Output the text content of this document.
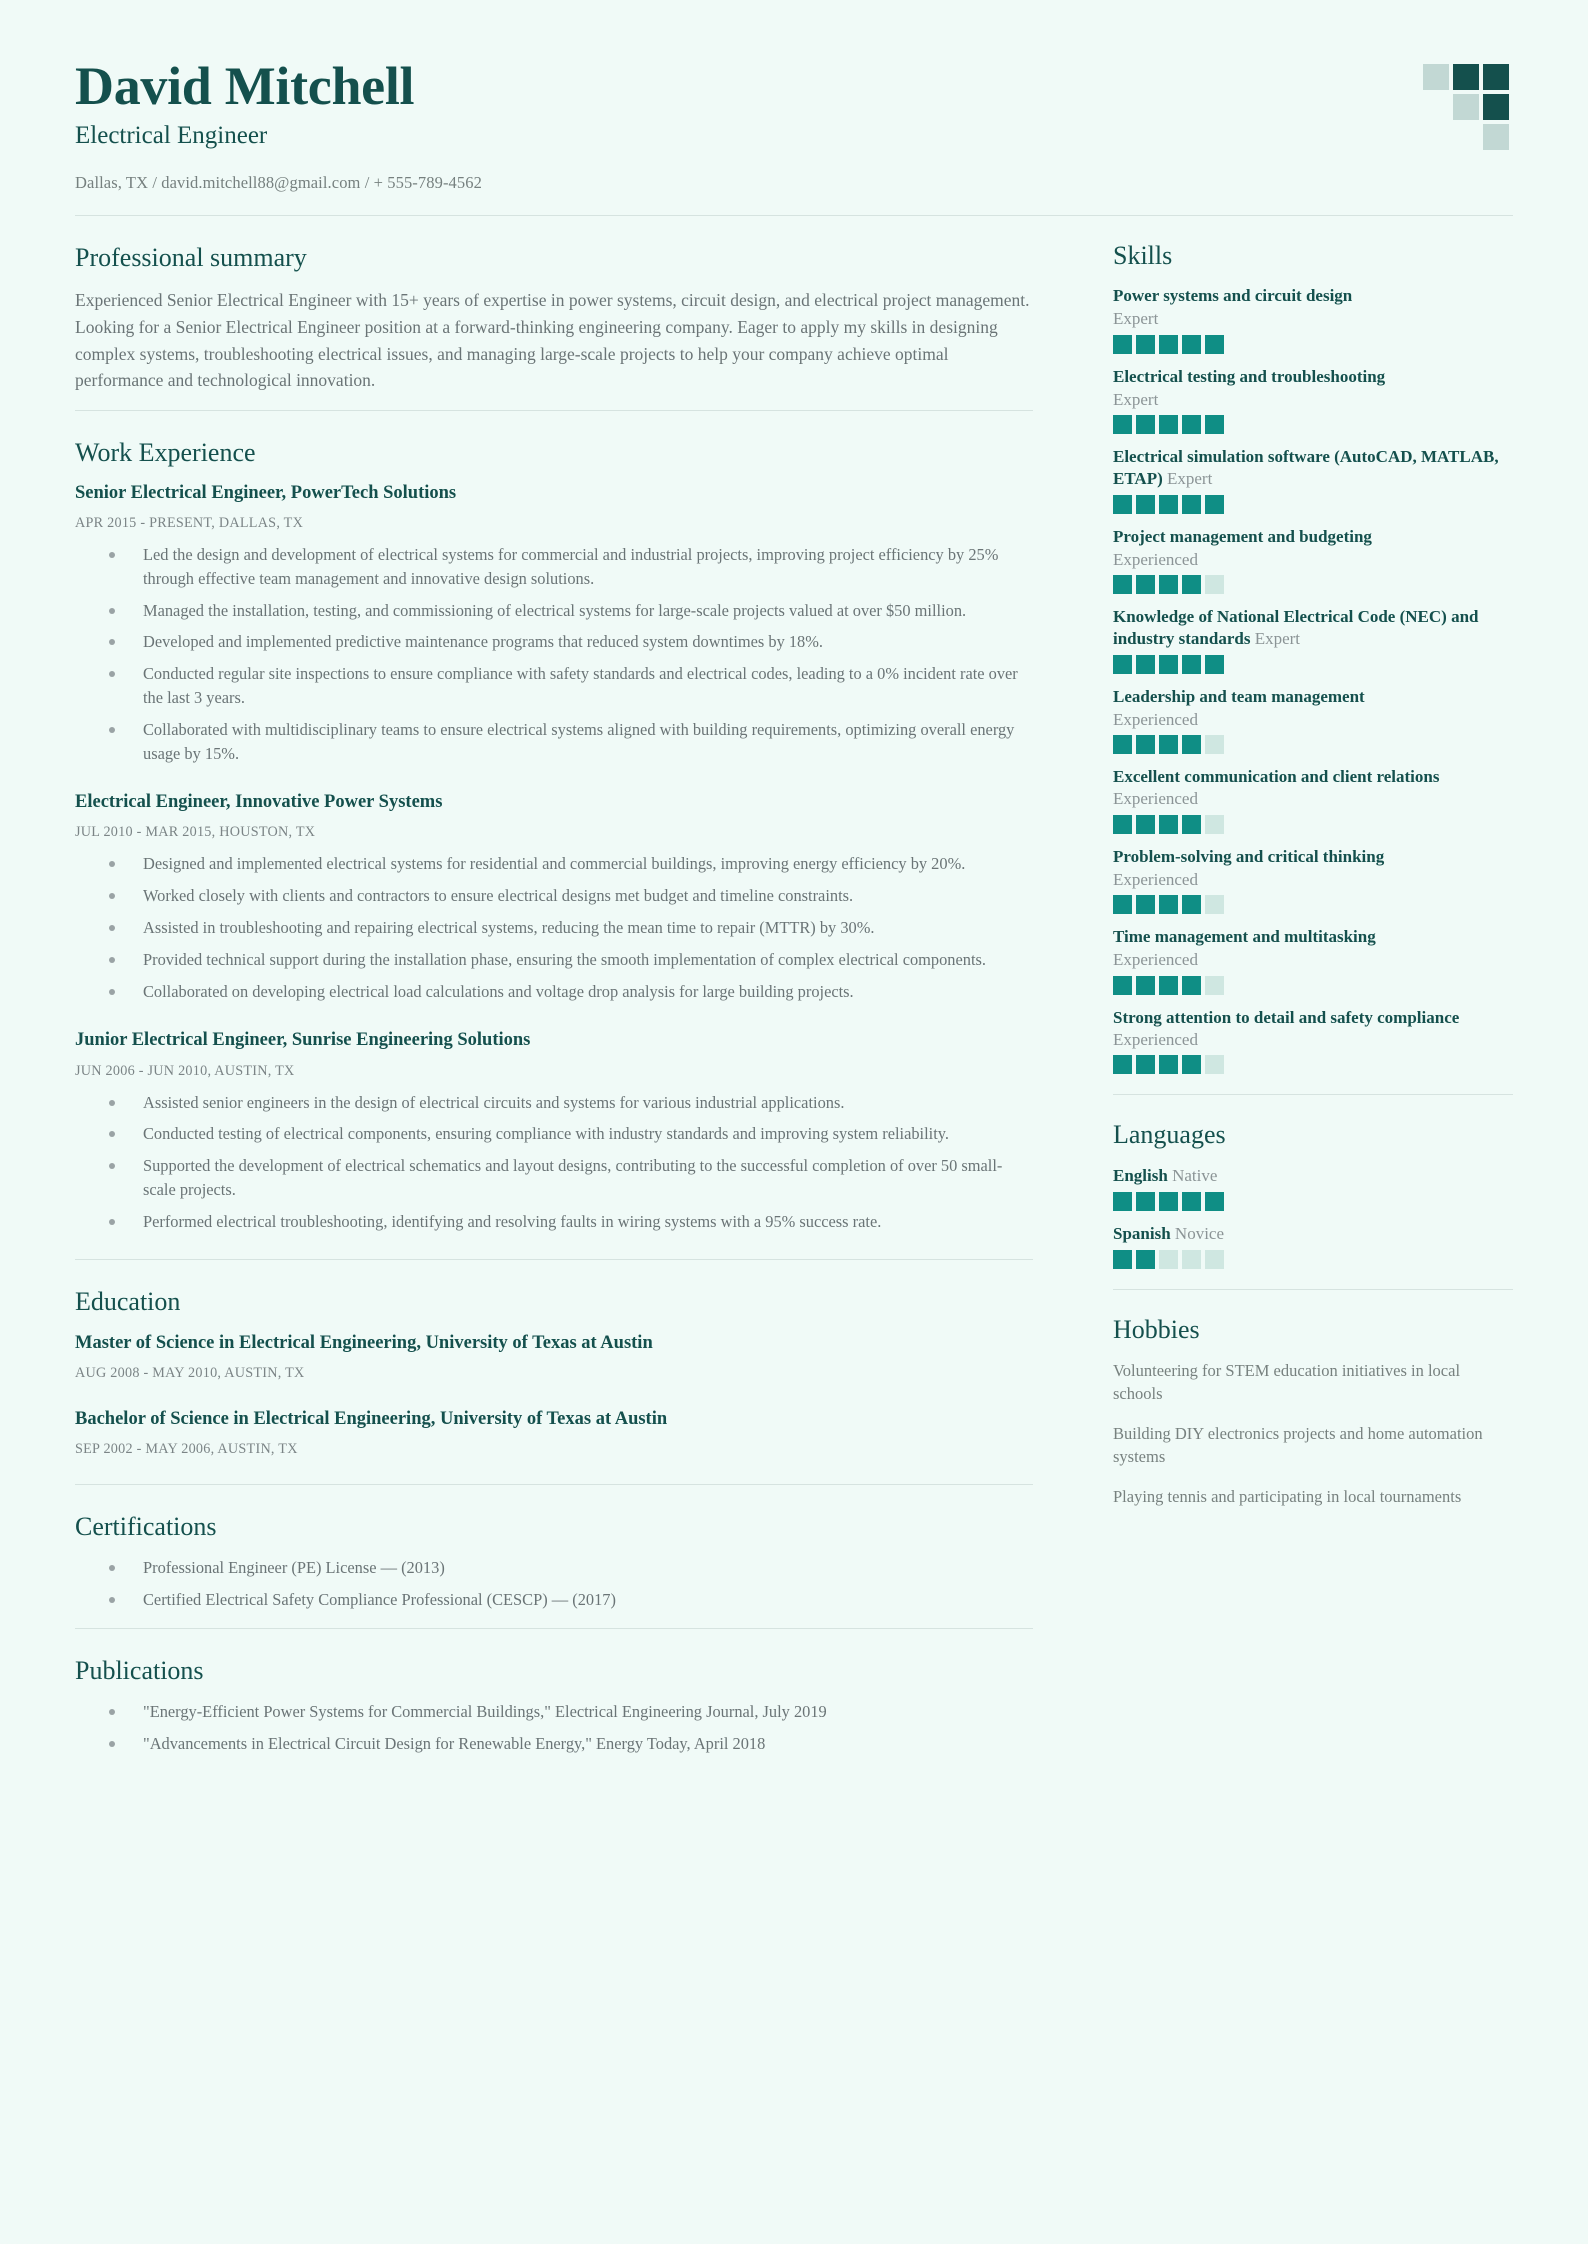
David Mitchell
Electrical Engineer
Dallas, TX / david.mitchell88@gmail.com / + 555-789-4562
Professional summary

Experienced Senior Electrical Engineer with 15+ years of expertise in power systems, circuit design, and electrical project management. Looking for a Senior Electrical Engineer position at a forward-thinking engineering company. Eager to apply my skills in designing complex systems, troubleshooting electrical issues, and managing large-scale projects to help your company achieve optimal performance and technological innovation.

Work Experience
Senior Electrical Engineer, PowerTech Solutions
APR 2015 - PRESENT, DALLAS, TX
Led the design and development of electrical systems for commercial and industrial projects, improving project efficiency by 25% through effective team management and innovative design solutions.
Managed the installation, testing, and commissioning of electrical systems for large-scale projects valued at over $50 million.
Developed and implemented predictive maintenance programs that reduced system downtimes by 18%.
Conducted regular site inspections to ensure compliance with safety standards and electrical codes, leading to a 0% incident rate over the last 3 years.
Collaborated with multidisciplinary teams to ensure electrical systems aligned with building requirements, optimizing overall energy usage by 15%.
Electrical Engineer, Innovative Power Systems
JUL 2010 - MAR 2015, HOUSTON, TX
Designed and implemented electrical systems for residential and commercial buildings, improving energy efficiency by 20%.
Worked closely with clients and contractors to ensure electrical designs met budget and timeline constraints.
Assisted in troubleshooting and repairing electrical systems, reducing the mean time to repair (MTTR) by 30%.
Provided technical support during the installation phase, ensuring the smooth implementation of complex electrical components.
Collaborated on developing electrical load calculations and voltage drop analysis for large building projects.
Junior Electrical Engineer, Sunrise Engineering Solutions
JUN 2006 - JUN 2010, AUSTIN, TX
Assisted senior engineers in the design of electrical circuits and systems for various industrial applications.
Conducted testing of electrical components, ensuring compliance with industry standards and improving system reliability.
Supported the development of electrical schematics and layout designs, contributing to the successful completion of over 50 small-scale projects.
Performed electrical troubleshooting, identifying and resolving faults in wiring systems with a 95% success rate.
Education
Master of Science in Electrical Engineering, University of Texas at Austin
AUG 2008 - MAY 2010, AUSTIN, TX
Bachelor of Science in Electrical Engineering, University of Texas at Austin
SEP 2002 - MAY 2006, AUSTIN, TX
Certifications
Professional Engineer (PE) License — (2013)
Certified Electrical Safety Compliance Professional (CESCP) — (2017)
Publications
"Energy-Efficient Power Systems for Commercial Buildings," Electrical Engineering Journal, July 2019
"Advancements in Electrical Circuit Design for Renewable Energy," Energy Today, April 2018
Skills
Power systems and circuit design
Expert
Electrical testing and troubleshooting
Expert
Electrical simulation software (AutoCAD, MATLAB, ETAP) Expert
Project management and budgeting
Experienced
Knowledge of National Electrical Code (NEC) and industry standards Expert
Leadership and team management
Experienced
Excellent communication and client relations Experienced
Problem-solving and critical thinking
Experienced
Time management and multitasking
Experienced
Strong attention to detail and safety compliance Experienced
Languages
English Native
Spanish Novice
Hobbies
Volunteering for STEM education initiatives in local schools
Building DIY electronics projects and home automation systems
Playing tennis and participating in local tournaments
